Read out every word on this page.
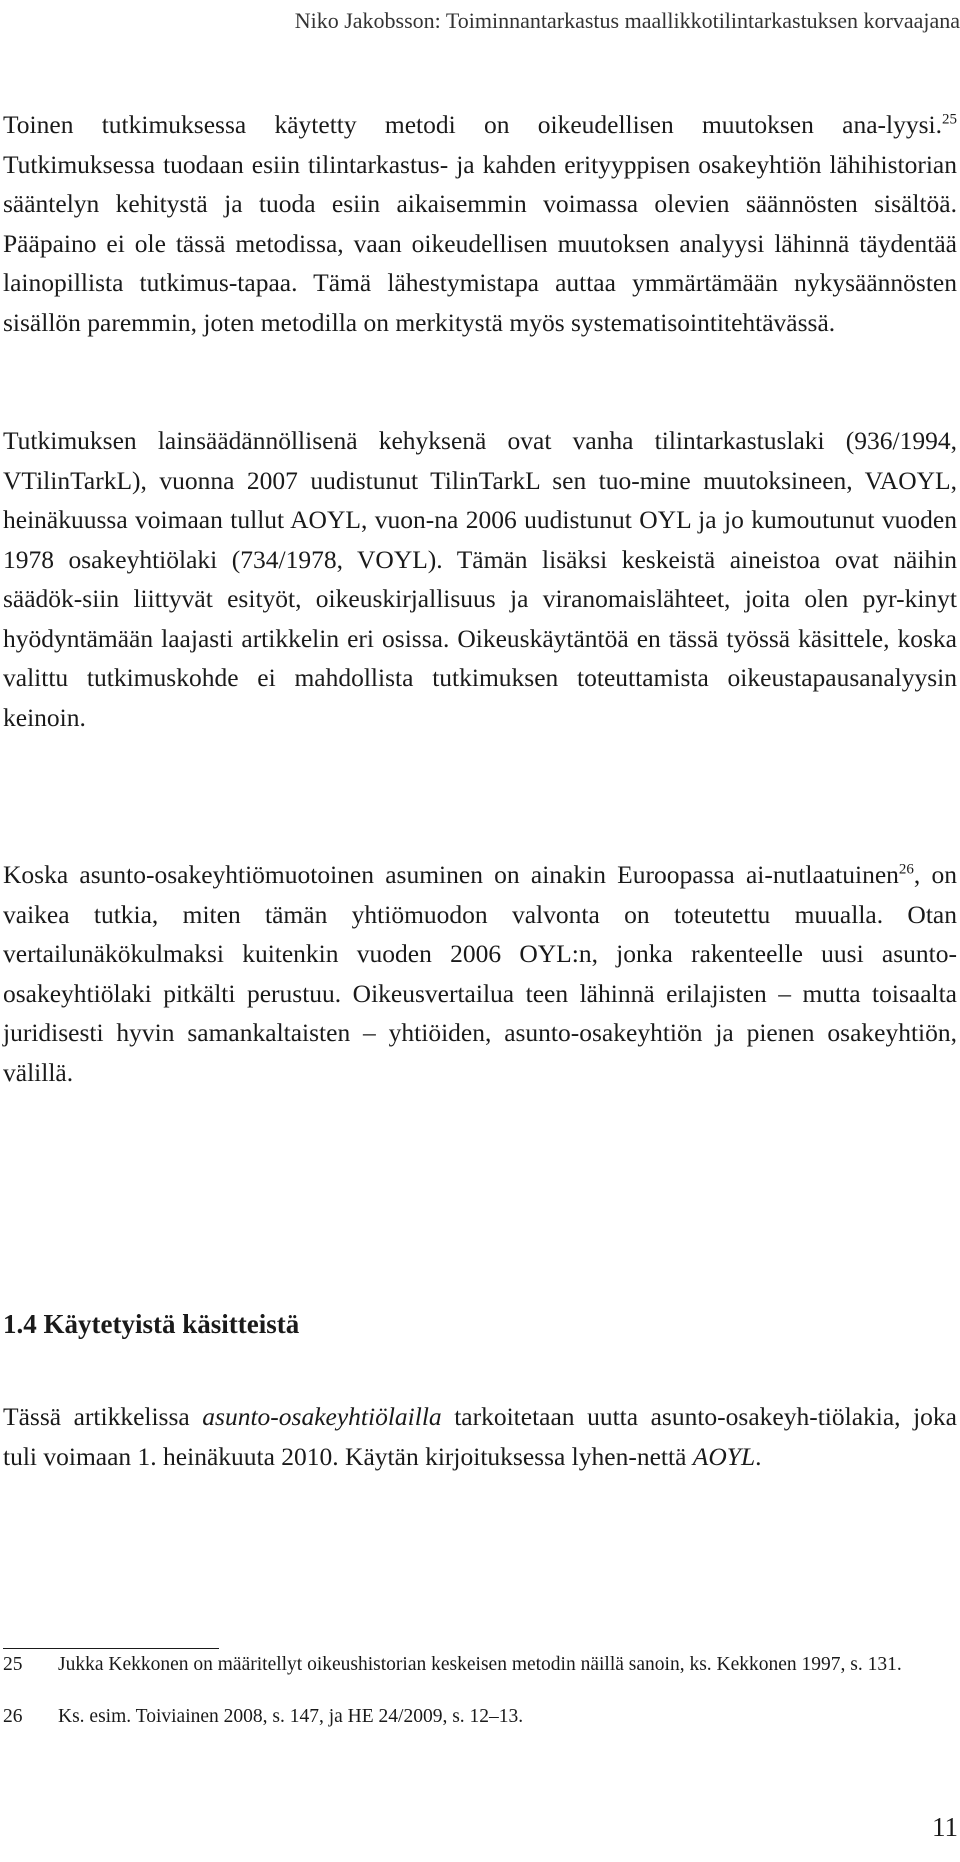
Niko Jakobsson: Toiminnantarkastus maallikkotilintarkastuksen korvaajana

Toinen tutkimuksessa käytetty metodi on oikeudellisen muutoksen ana-lyysi.$^{25}$ Tutkimuksessa tuodaan esiin tilintarkastus- ja kahden erityyppisen osakeyhtiön lähihistorian sääntelyn kehitystä ja tuoda esiin aikaisemmin voimassa olevien säännösten sisältöä. Pääpaino ei ole tässä metodissa, vaan oikeudellisen muutoksen analyysi lähinnä täydentää lainopillista tutkimus-tapaa. Tämä lähestymistapa auttaa ymmärtämään nykysäännösten sisällön paremmin, joten metodilla on merkitystä myös systematisointitehtävässä.

Tutkimuksen lainsäädännöllisenä kehyksenä ovat vanha tilintarkastuslaki (936/1994, VTilinTarkL), vuonna 2007 uudistunut TilinTarkL sen tuo-mine muutoksineen, VAOYL, heinäkuussa voimaan tullut AOYL, vuon-na 2006 uudistunut OYL ja jo kumoutunut vuoden 1978 osakeyhtiölaki (734/1978, VOYL). Tämän lisäksi keskeistä aineistoa ovat näihin säädök-siin liittyvät esityöt, oikeuskirjallisuus ja viranomaislähteet, joita olen pyr-kinyt hyödyntämään laajasti artikkelin eri osissa. Oikeuskäytäntöä en tässä työssä käsittele, koska valittu tutkimuskohde ei mahdollista tutkimuksen toteuttamista oikeustapausanalyysin keinoin.

Koska asunto-osakeyhtiömuotoinen asuminen on ainakin Euroopassa ai-nutlaatuinen$^{26}$, on vaikea tutkia, miten tämän yhtiömuodon valvonta on toteutettu muualla. Otan vertailunäkökulmaksi kuitenkin vuoden 2006 OYL:n, jonka rakenteelle uusi asunto-osakeyhtiölaki pitkälti perustuu. Oikeusvertailua teen lähinnä erilajisten – mutta toisaalta juridisesti hyvin samankaltaisten – yhtiöiden, asunto-osakeyhtiön ja pienen osakeyhtiön, välillä.

1.4 Käytetyistä käsitteistä

Tässä artikkelissa asunto-osakeyhtiölailla tarkoitetaan uutta asunto-osakeyh-tiölakia, joka tuli voimaan 1. heinäkuuta 2010. Käytän kirjoituksessa lyhen-nettä AOYL.

25 Jukka Kekkonen on määritellyt oikeushistorian keskeisen metodin näillä sanoin, ks. Kekkonen 1997, s. 131.
26 Ks. esim. Toiviainen 2008, s. 147, ja HE 24/2009, s. 12–13.
11
